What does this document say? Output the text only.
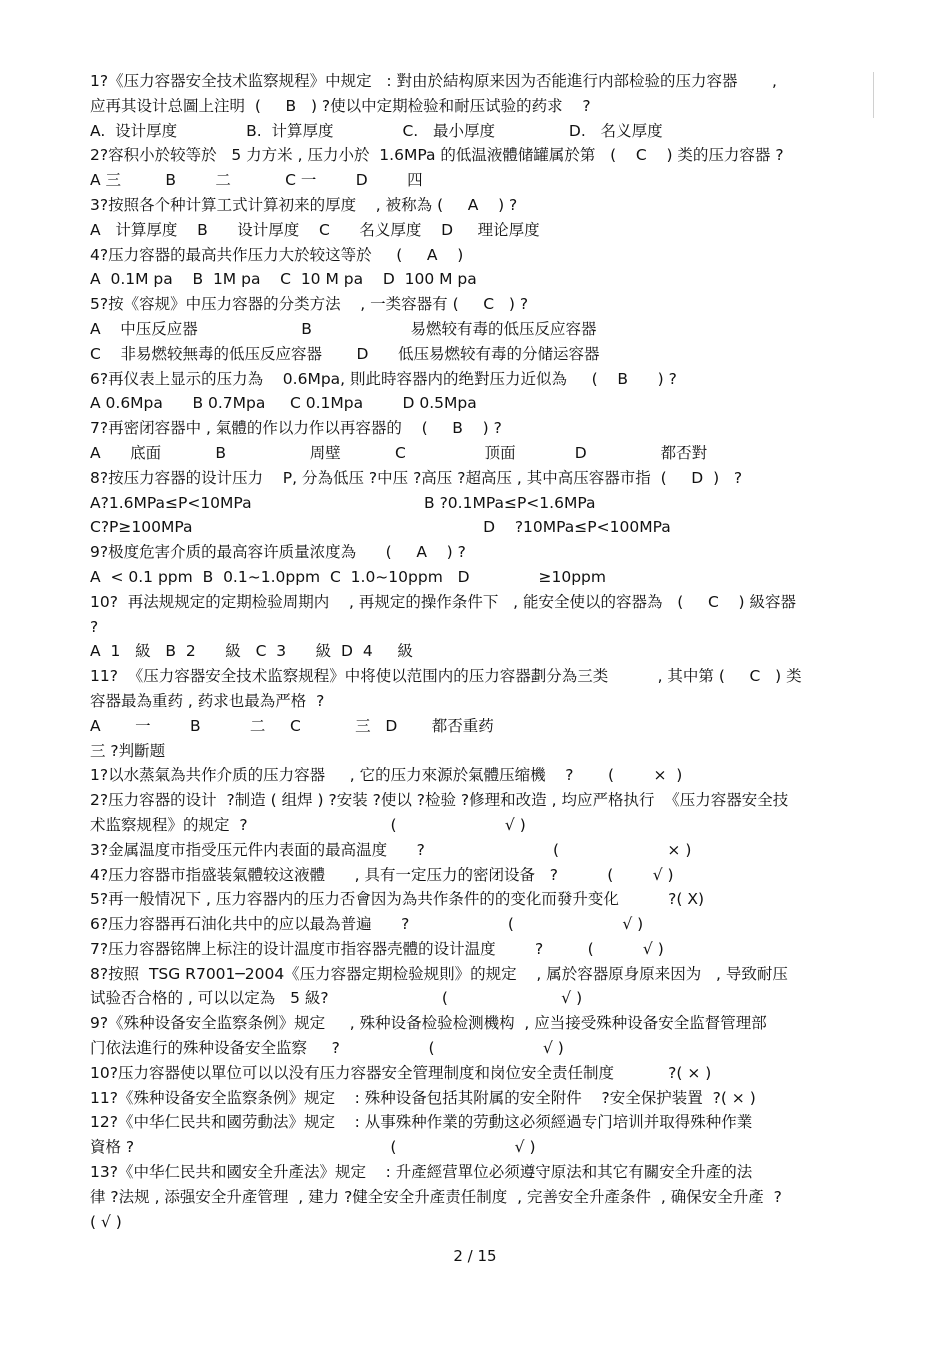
1?《压力容器安全技术监察规程》中规定   : 對由於結构原来因为否能進行内部检验的压力容器       ,
应再其设计总圖上注明  (     B   ) ?使以中定期检验和耐压试验的药求    ?
A.  设计厚度              B.  计算厚度              C.   最小厚度               D.   名义厚度
2?容积小於较等於   5 力方米 , 压力小於  1.6MPa 的低温液體储罐属於第   (    C    ) 类的压力容器 ?
A 三         B        二           C 一        D        四
3?按照各个种计算工式计算初来的厚度    , 被称為 (     A    ) ?
A   计算厚度    B      设计厚度    C      名义厚度    D     理论厚度
4?压力容器的最高共作压力大於较这等於     (     A    )
A  0.1M pa    B  1M pa    C  10 M pa    D  100 M pa
5?按《容规》中压力容器的分类方法    , 一类容器有 (     C   ) ?
A    中压反应器                     B                    易燃较有毒的低压反应容器
C    非易燃较無毒的低压反应容器       D      低压易燃较有毒的分储运容器
6?再仪表上显示的压力為    0.6Mpa, 則此時容器内的绝對压力近似為     (    B      ) ?
A 0.6Mpa      B 0.7Mpa     C 0.1Mpa        D 0.5Mpa
7?再密闭容器中 , 氣體的作以力作以再容器的    (     B    ) ?
A      底面           B                 周壁           C                顶面            D               都否對
8?按压力容器的设计压力    P, 分為低压 ?中压 ?高压 ?超高压 , 其中高压容器市指  (     D  )   ?
A?1.6MPa≤P<10MPa                                   B ?0.1MPa≤P<1.6MPa
C?P≥100MPa                                                           D    ?10MPa≤P<100MPa
9?极度危害介质的最高容许质量浓度為      (     A    ) ?
A  < 0.1 ppm  B  0.1~1.0ppm  C  1.0~10ppm   D              ≥10ppm
10?  再法规规定的定期检验周期内    , 再规定的操作条件下   , 能安全使以的容器為   (     C    ) 級容器
?
A  1   級   B  2      級   C  3      級  D  4     級
11?  《压力容器安全技术监察规程》中将使以范围内的压力容器劃分為三类          , 其中第 (     C   ) 类
容器最為重药 , 药求也最為严格  ?
A       一        B          二     C           三   D       都否重药
三 ?判斷题
1?以水蒸氣為共作介质的压力容器     , 它的压力來源於氣體压缩機    ?       (        ×  )
2?压力容器的设计  ?制造 ( 组焊 ) ?安装 ?使以 ?检验 ?修理和改造 , 均应严格执行  《压力容器安全技
术监察规程》的规定  ?                             (                      √ )
3?金属温度市指受压元件内表面的最高温度      ?                          (                      × )
4?压力容器市指盛装氣體较这液體      , 具有一定压力的密闭设备   ?          (        √ )
5?再一般情况下 , 压力容器内的压力否會因为為共作条件的的变化而發升变化          ?( X)
6?压力容器再石油化共中的应以最為普遍      ?                    (                      √ )
7?压力容器铭牌上标注的设计温度市指容器壳體的设计温度        ?         (          √ )
8?按照  TSG R7001─2004《压力容器定期检验规則》的规定    , 属於容器原身原来因为   , 导致耐压
试验否合格的 , 可以以定為   5 級?                       (                       √ )
9?《殊种设备安全监察条例》规定     , 殊种设备检验检测機构  , 应当接受殊种设备安全监督管理部
门依法進行的殊种设备安全监察     ?                  (                      √ )
10?压力容器使以單位可以以没有压力容器安全管理制度和岗位安全责任制度           ?( × )
11?《殊种设备安全监察条例》规定    : 殊种设备包括其附属的安全附件    ?安全保护装置  ?( × )
12?《中华仁民共和國劳動法》规定    : 从事殊种作業的劳動这必须經過专门培训并取得殊种作業
資格 ?                                                    (                        √ )
13?《中华仁民共和國安全升產法》规定    : 升產經营單位必须遵守原法和其它有關安全升產的法
律 ?法规 , 添强安全升產管理  , 建力 ?健全安全升產责任制度  , 完善安全升產条件  , 确保安全升產  ?
( √ )
2 / 15
